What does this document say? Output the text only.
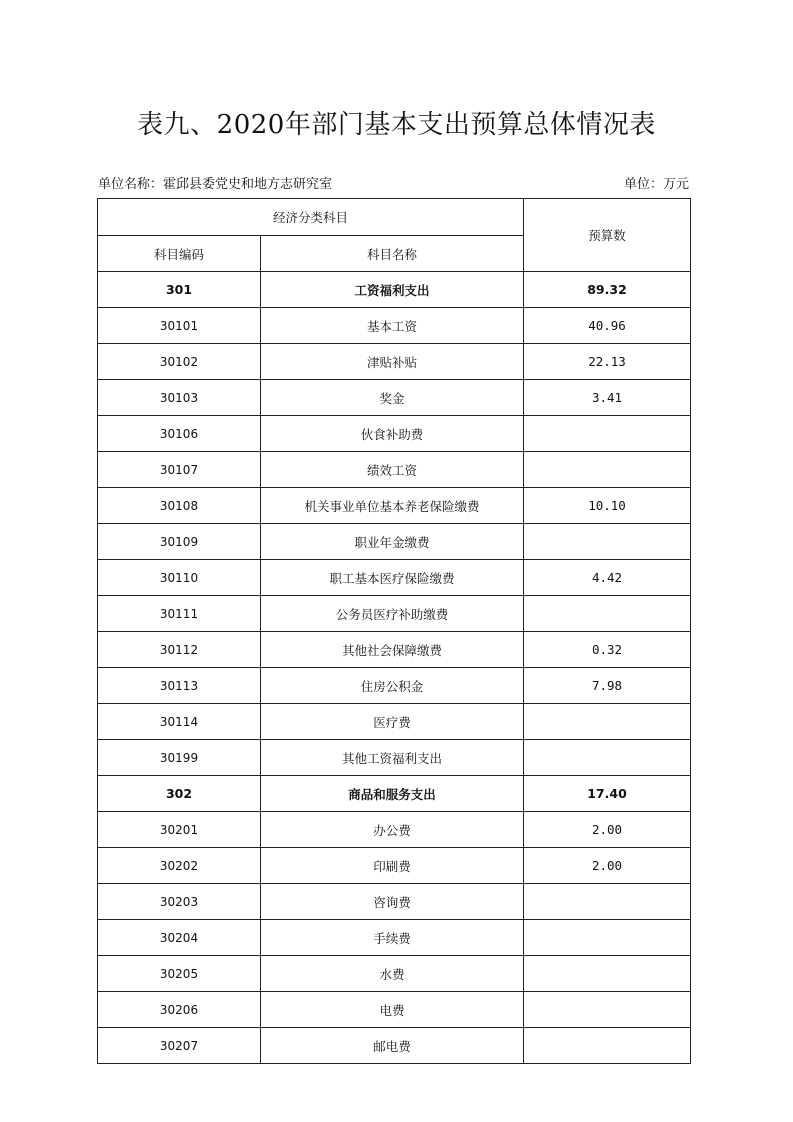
表九、2020年部门基本支出预算总体情况表
单位名称：霍邱县委党史和地方志研究室	单位：万元
经济分类科目		预算数
科目编码	科目名称	
301	工资福利支出	89.32
30101	基本工资	40.96
30102	津贴补贴	22.13
30103	奖金	3.41
30106	伙食补助费	
30107	绩效工资	
30108	机关事业单位基本养老保险缴费	10.10
30109	职业年金缴费	
30110	职工基本医疗保险缴费	4.42
30111	公务员医疗补助缴费	
30112	其他社会保障缴费	0.32
30113	住房公积金	7.98
30114	医疗费	
30199	其他工资福利支出	
302	商品和服务支出	17.40
30201	办公费	2.00
30202	印刷费	2.00
30203	咨询费	
30204	手续费	
30205	水费	
30206	电费	
30207	邮电费	
